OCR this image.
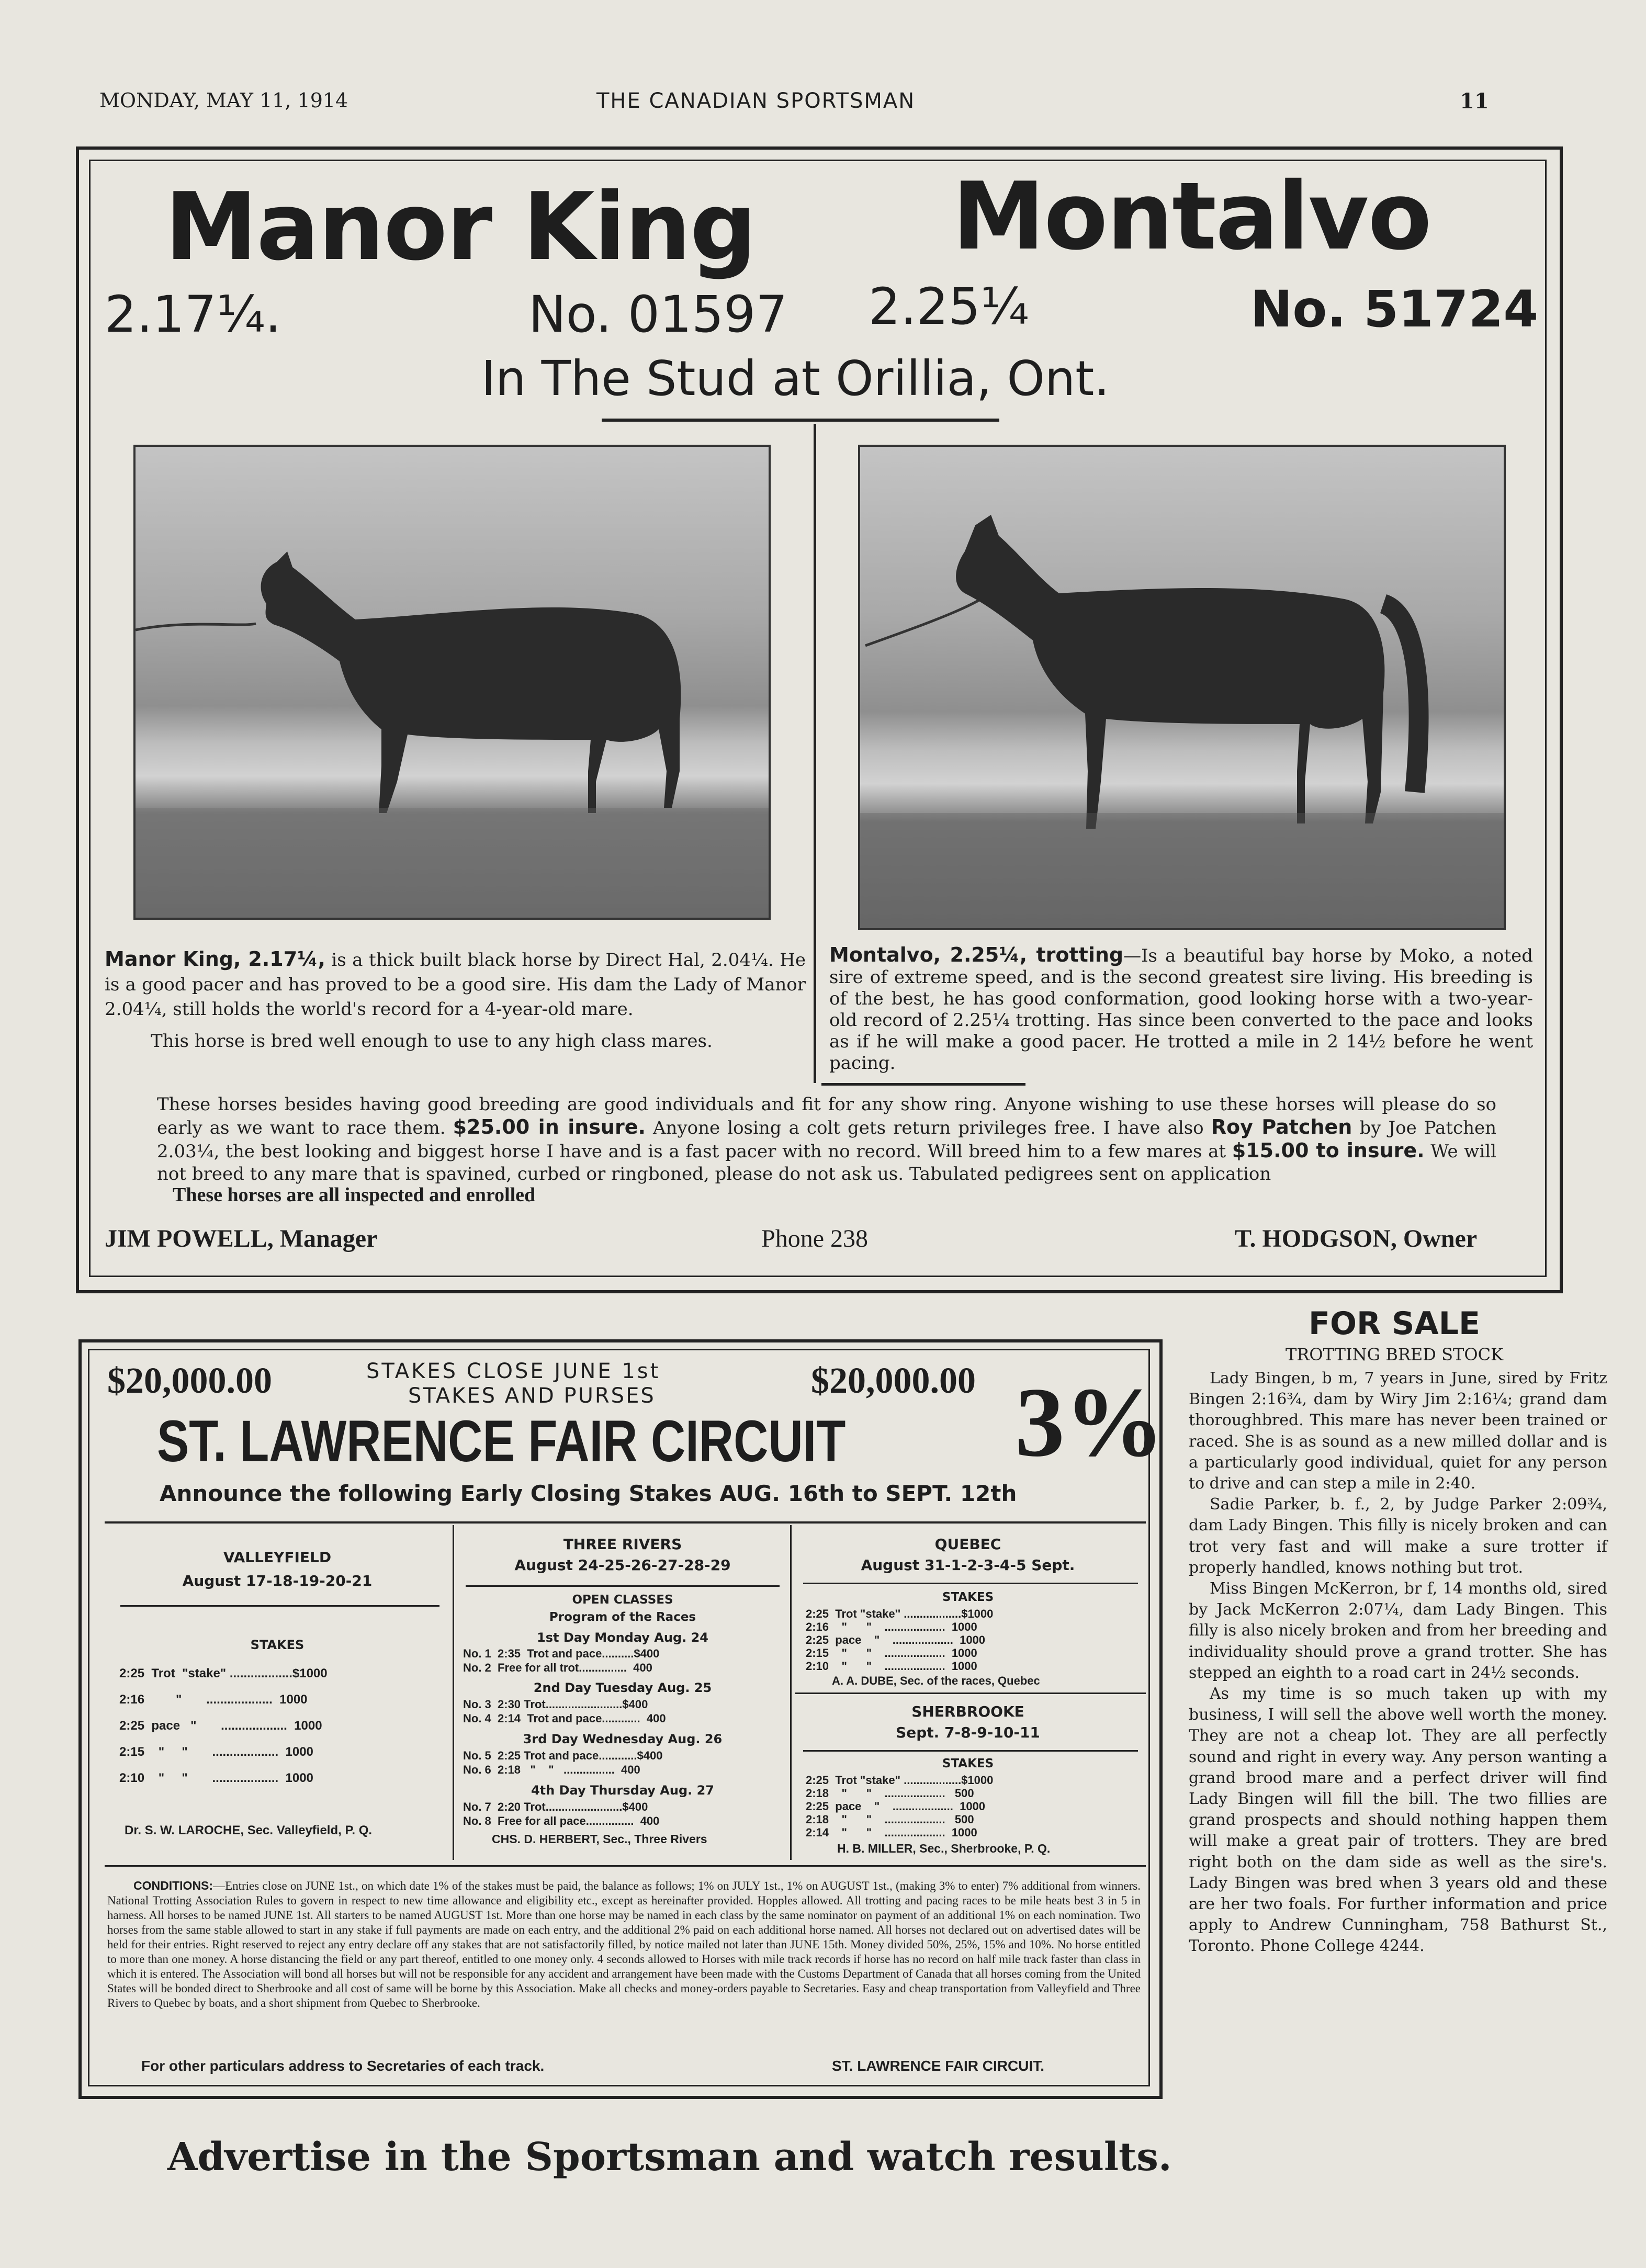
MONDAY, MAY 11, 1914	THE CANADIAN SPORTSMAN	11
Manor King Montalvo
2.17¼.	No. 01597 2.25¼	No. 51724
In The Stud at Orillia, Ont.
Manor King, 2.17¼, is a thick built black horse by Direct Hal, 2.04¼. He is a good pacer and has proved to be a good sire. His dam the Lady of Manor 2.04¼, still holds the world's record for a 4-year-old mare.
This horse is bred well enough to use to any high class mares.
Montalvo, 2.25¼, trotting—Is a beautiful bay horse by Moko, a noted sire of extreme speed, and is the second greatest sire living. His breeding is of the best, he has good conformation, good looking horse with a two-year-old record of 2.25¼ trotting. Has since been converted to the pace and looks as if he will make a good pacer. He trotted a mile in 2 14½ before he went pacing.
These horses besides having good breeding are good individuals and fit for any show ring. Anyone wishing to use these horses will please do so early as we want to race them. $25.00 in insure. Anyone losing a colt gets return privileges free. I have also Roy Patchen by Joe Patchen 2.03¼, the best looking and biggest horse I have and is a fast pacer with no record. Will breed him to a few mares at $15.00 to insure. We will not breed to any mare that is spavined, curbed or ringboned, please do not ask us. Tabulated pedigrees sent on application
These horses are all inspected and enrolled
JIM POWELL, Manager	Phone 238	T. HODGSON, Owner
$20,000.00	$20,000.00
STAKES CLOSE JUNE 1st
STAKES AND PURSES
ST. LAWRENCE FAIR CIRCUIT 3%
Announce the following Early Closing Stakes AUG. 16th to SEPT. 12th
VALLEYFIELD
August 17-18-19-20-21
STAKES
2:25  Trot  "stake" ..................$1000
2:16         "       ...................  1000
2:25  pace   "       ...................  1000
2:15    "     "       ...................  1000
2:10    "     "       ...................  1000
Dr. S. W. LAROCHE, Sec. Valleyfield, P. Q.
THREE RIVERS
August 24-25-26-27-28-29
OPEN CLASSES
Program of the Races
1st Day Monday Aug. 24
No. 1  2:35  Trot and pace..........$400
No. 2  Free for all trot...............  400
2nd Day Tuesday Aug. 25
No. 3  2:30 Trot........................$400
No. 4  2:14  Trot and pace............  400
3rd Day Wednesday Aug. 26
No. 5  2:25 Trot and pace............$400
No. 6  2:18   "    "   ................  400
4th Day Thursday Aug. 27
No. 7  2:20 Trot........................$400
No. 8  Free for all pace...............  400
CHS. D. HERBERT, Sec., Three Rivers
QUEBEC
August 31-1-2-3-4-5 Sept.
STAKES
2:25  Trot "stake'' ..................$1000
2:16    "      "    ...................  1000
2:25  pace    "    ...................  1000
2:15    "      "    ...................  1000
2:10    "      "    ...................  1000
A. A. DUBE, Sec. of the races, Quebec
SHERBROOKE
Sept. 7-8-9-10-11
STAKES
2:25  Trot "stake" ..................$1000
2:18    "      "    ...................   500
2:25  pace    "    ...................  1000
2:18    "      "    ...................   500
2:14    "      "    ...................  1000
H. B. MILLER, Sec., Sherbrooke, P. Q.
CONDITIONS:—Entries close on JUNE 1st., on which date 1% of the stakes must be paid, the balance as follows; 1% on JULY 1st., 1% on AUGUST 1st., (making 3% to enter) 7% additional from winners. National Trotting Association Rules to govern in respect to new time allowance and eligibility etc., except as hereinafter provided. Hopples allowed. All trotting and pacing races to be mile heats best 3 in 5 in harness. All horses to be named JUNE 1st. All starters to be named AUGUST 1st. More than one horse may be named in each class by the same nominator on payment of an additional 1% on each nomination. Two horses from the same stable allowed to start in any stake if full payments are made on each entry, and the additional 2% paid on each additional horse named. All horses not declared out on advertised dates will be held for their entries. Right reserved to reject any entry declare off any stakes that are not satisfactorily filled, by notice mailed not later than JUNE 15th. Money divided 50%, 25%, 15% and 10%. No horse entitled to more than one money. A horse distancing the field or any part thereof, entitled to one money only. 4 seconds allowed to Horses with mile track records if horse has no record on half mile track faster than class in which it is entered. The Association will bond all horses but will not be responsible for any accident and arrangement have been made with the Customs Department of Canada that all horses coming from the United States will be bonded direct to Sherbrooke and all cost of same will be borne by this Association. Make all checks and money-orders payable to Secretaries. Easy and cheap transportation from Valleyfield and Three Rivers to Quebec by boats, and a short shipment from Quebec to Sherbrooke.
For other particulars address to Secretaries of each track.	ST. LAWRENCE FAIR CIRCUIT.
Advertise in the Sportsman and watch results.
FOR SALE
TROTTING BRED STOCK
Lady Bingen, b m, 7 years in June, sired by Fritz Bingen 2:16¾, dam by Wiry Jim 2:16¼; grand dam thoroughbred. This mare has never been trained or raced. She is as sound as a new milled dollar and is a particularly good individual, quiet for any person to drive and can step a mile in 2:40.
Sadie Parker, b. f., 2, by Judge Parker 2:09¾, dam Lady Bingen. This filly is nicely broken and can trot very fast and will make a sure trotter if properly handled, knows nothing but trot.
Miss Bingen McKerron, br f, 14 months old, sired by Jack McKerron 2:07¼, dam Lady Bingen. This filly is also nicely broken and from her breeding and individuality should prove a grand trotter. She has stepped an eighth to a road cart in 24½ seconds.
As my time is so much taken up with my business, I will sell the above well worth the money. They are not a cheap lot. They are all perfectly sound and right in every way. Any person wanting a grand brood mare and a perfect driver will find Lady Bingen will fill the bill. The two fillies are grand prospects and should nothing happen them will make a great pair of trotters. They are bred right both on the dam side as well as the sire's. Lady Bingen was bred when 3 years old and these are her two foals. For further information and price apply to Andrew Cunningham, 758 Bathurst St., Toronto. Phone College 4244.
